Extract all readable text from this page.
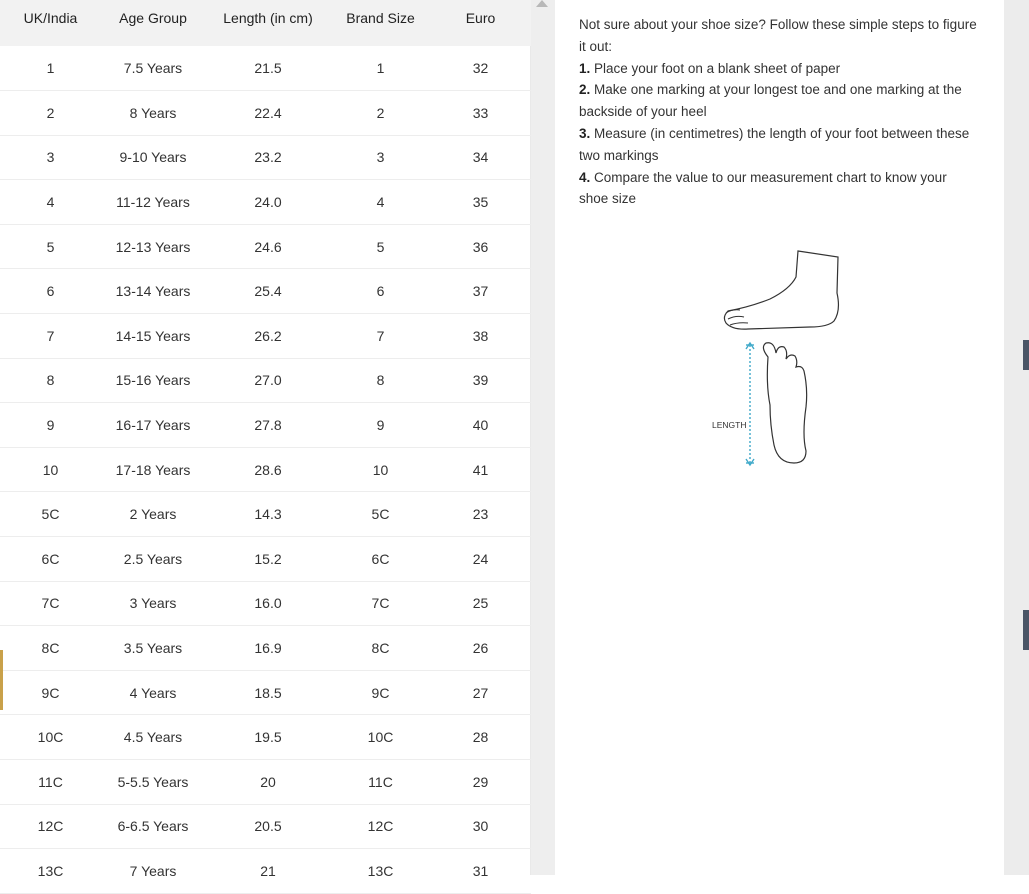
UK/India	Age Group	Length (in cm)	Brand Size	Euro
1	7.5 Years	21.5	1	32
2	8 Years	22.4	2	33
3	9-10 Years	23.2	3	34
4	11-12 Years	24.0	4	35
5	12-13 Years	24.6	5	36
6	13-14 Years	25.4	6	37
7	14-15 Years	26.2	7	38
8	15-16 Years	27.0	8	39
9	16-17 Years	27.8	9	40
10	17-18 Years	28.6	10	41
5C	2 Years	14.3	5C	23
6C	2.5 Years	15.2	6C	24
7C	3 Years	16.0	7C	25
8C	3.5 Years	16.9	8C	26
9C	4 Years	18.5	9C	27
10C	4.5 Years	19.5	10C	28
11C	5-5.5 Years	20	11C	29
12C	6-6.5 Years	20.5	12C	30
13C	7 Years	21	13C	31
Not sure about your shoe size? Follow these simple steps to figure it out:
1. Place your foot on a blank sheet of paper
2. Make one marking at your longest toe and one marking at the backside of your heel
3. Measure (in centimetres) the length of your foot between these two markings
4. Compare the value to our measurement chart to know your shoe size
LENGTH
